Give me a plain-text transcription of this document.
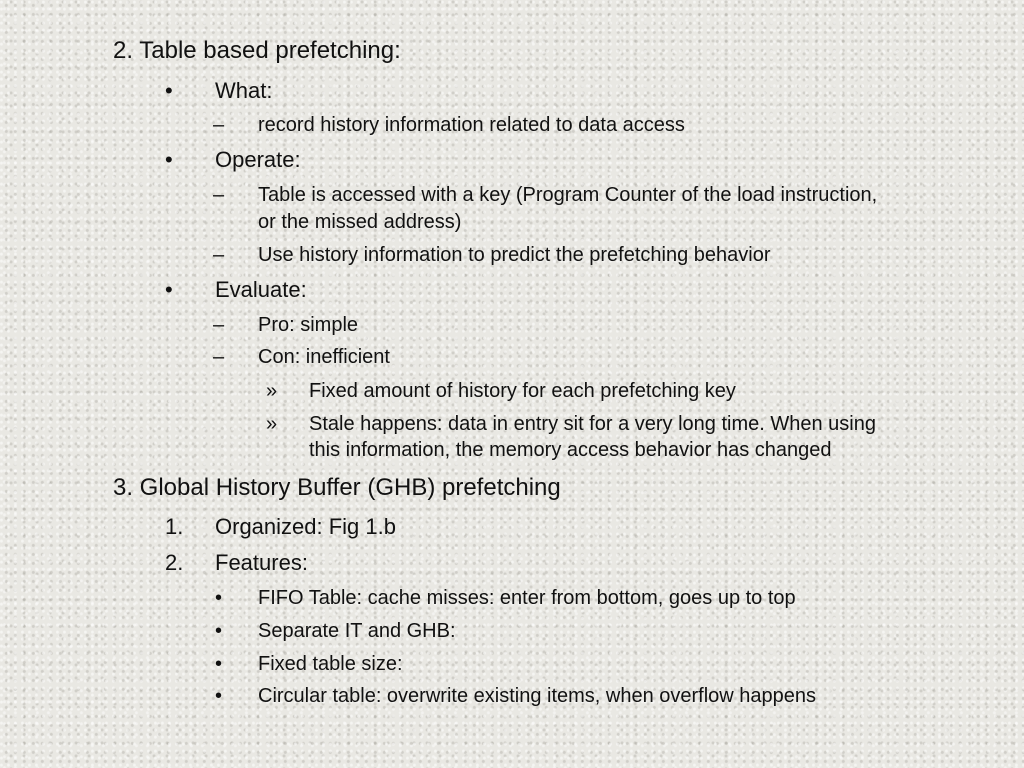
2. Table based prefetching:
• What:
– record history information related to data access
• Operate:
– Table is accessed with a key (Program Counter of the load instruction,
or the missed address)
– Use history information to predict the prefetching behavior
• Evaluate:
– Pro: simple
– Con: inefficient
» Fixed amount of history for each prefetching key
» Stale happens: data in entry sit for a very long time. When using
this information, the memory access behavior has changed
3. Global History Buffer (GHB) prefetching
1. Organized: Fig 1.b
2. Features:
• FIFO Table: cache misses: enter from bottom, goes up to top
• Separate IT and GHB:
• Fixed table size:
• Circular table: overwrite existing items, when overflow happens
